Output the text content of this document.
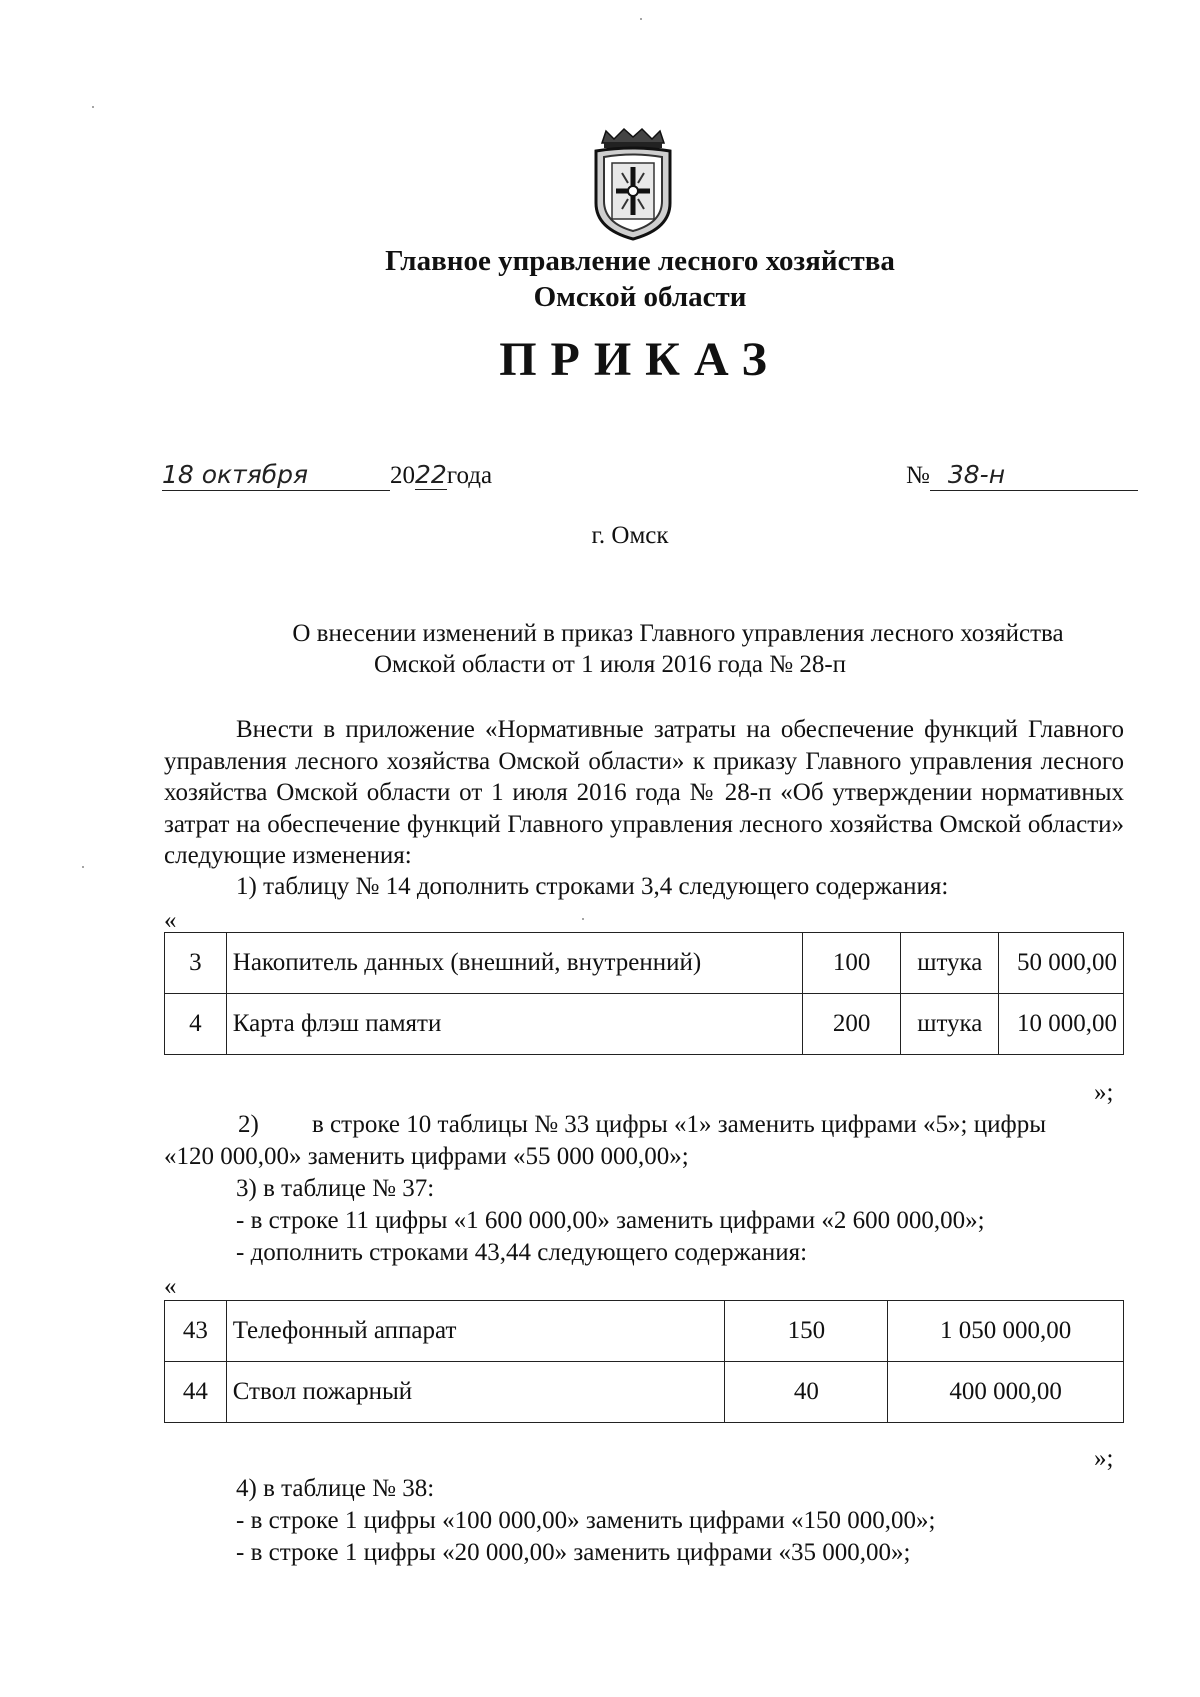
Главное управление лесного хозяйства
Омской области
ПРИКАЗ
18 октября	2022года	№ 38-н
г. Омск
О внесении изменений в приказ Главного управления лесного хозяйства
Омской области от 1 июля 2016 года № 28-п
Внести в приложение «Нормативные затраты на обеспечение функций Главного управления лесного хозяйства Омской области» к приказу Главного управления лесного хозяйства Омской области от 1 июля 2016 года № 28-п «Об утверждении нормативных затрат на обеспечение функций Главного управления лесного хозяйства Омской области» следующие изменения:
1) таблицу № 14 дополнить строками 3,4 следующего содержания:
«
3	Накопитель данных (внешний, внутренний)	100	штука	50 000,00
4	Карта флэш памяти	200	штука	10 000,00
»;
2) в строке 10 таблицы № 33 цифры «1» заменить цифрами «5»; цифры
«120 000,00» заменить цифрами «55 000 000,00»;
3) в таблице № 37:
- в строке 11 цифры «1 600 000,00» заменить цифрами «2 600 000,00»;
- дополнить строками 43,44 следующего содержания:
«
43	Телефонный аппарат	150	1 050 000,00
44	Ствол пожарный	40	400 000,00
»;
4) в таблице № 38:
- в строке 1 цифры «100 000,00» заменить цифрами «150 000,00»;
- в строке 1 цифры «20 000,00» заменить цифрами «35 000,00»;
